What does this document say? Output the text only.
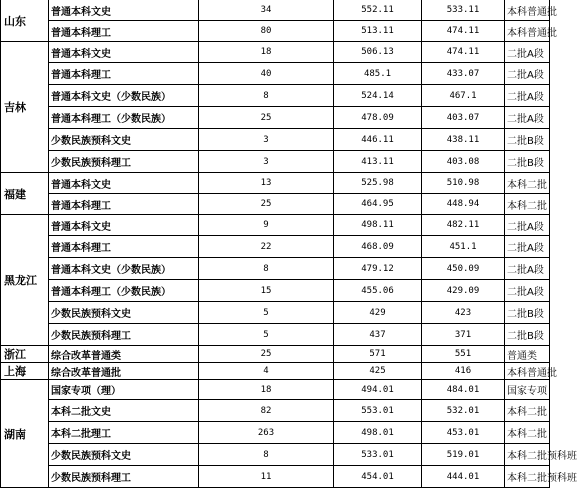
山东	普通本科文史	34	552.11	533.11	本科普通批	
	普通本科理工	80	513.11	474.11	本科普通批	
吉林	普通本科文史	18	506.13	474.11	二批A段	
	普通本科理工	40	485.1	433.07	二批A段	
	普通本科文史（少数民族）	8	524.14	467.1	二批A段	
	普通本科理工（少数民族）	25	478.09	403.07	二批A段	
	少数民族预科文史	3	446.11	438.11	二批B段	
	少数民族预科理工	3	413.11	403.08	二批B段	
福建	普通本科文史	13	525.98	510.98	本科二批	
	普通本科理工	25	464.95	448.94	本科二批	
黑龙江	普通本科文史	9	498.11	482.11	二批A段	
	普通本科理工	22	468.09	451.1	二批A段	
	普通本科文史（少数民族）	8	479.12	450.09	二批A段	
	普通本科理工（少数民族）	15	455.06	429.09	二批A段	
	少数民族预科文史	5	429	423	二批B段	
	少数民族预科理工	5	437	371	二批B段	
浙江	综合改革普通类	25	571	551	普通类	
上海	综合改革普通批	4	425	416	本科普通批	
湖南	国家专项（理）	18	494.01	484.01	国家专项	
	本科二批文史	82	553.01	532.01	本科二批	
	本科二批理工	263	498.01	453.01	本科二批	
	少数民族预科文史	8	533.01	519.01	本科二批预科班	
	少数民族预科理工	11	454.01	444.01	本科二批预科班	
